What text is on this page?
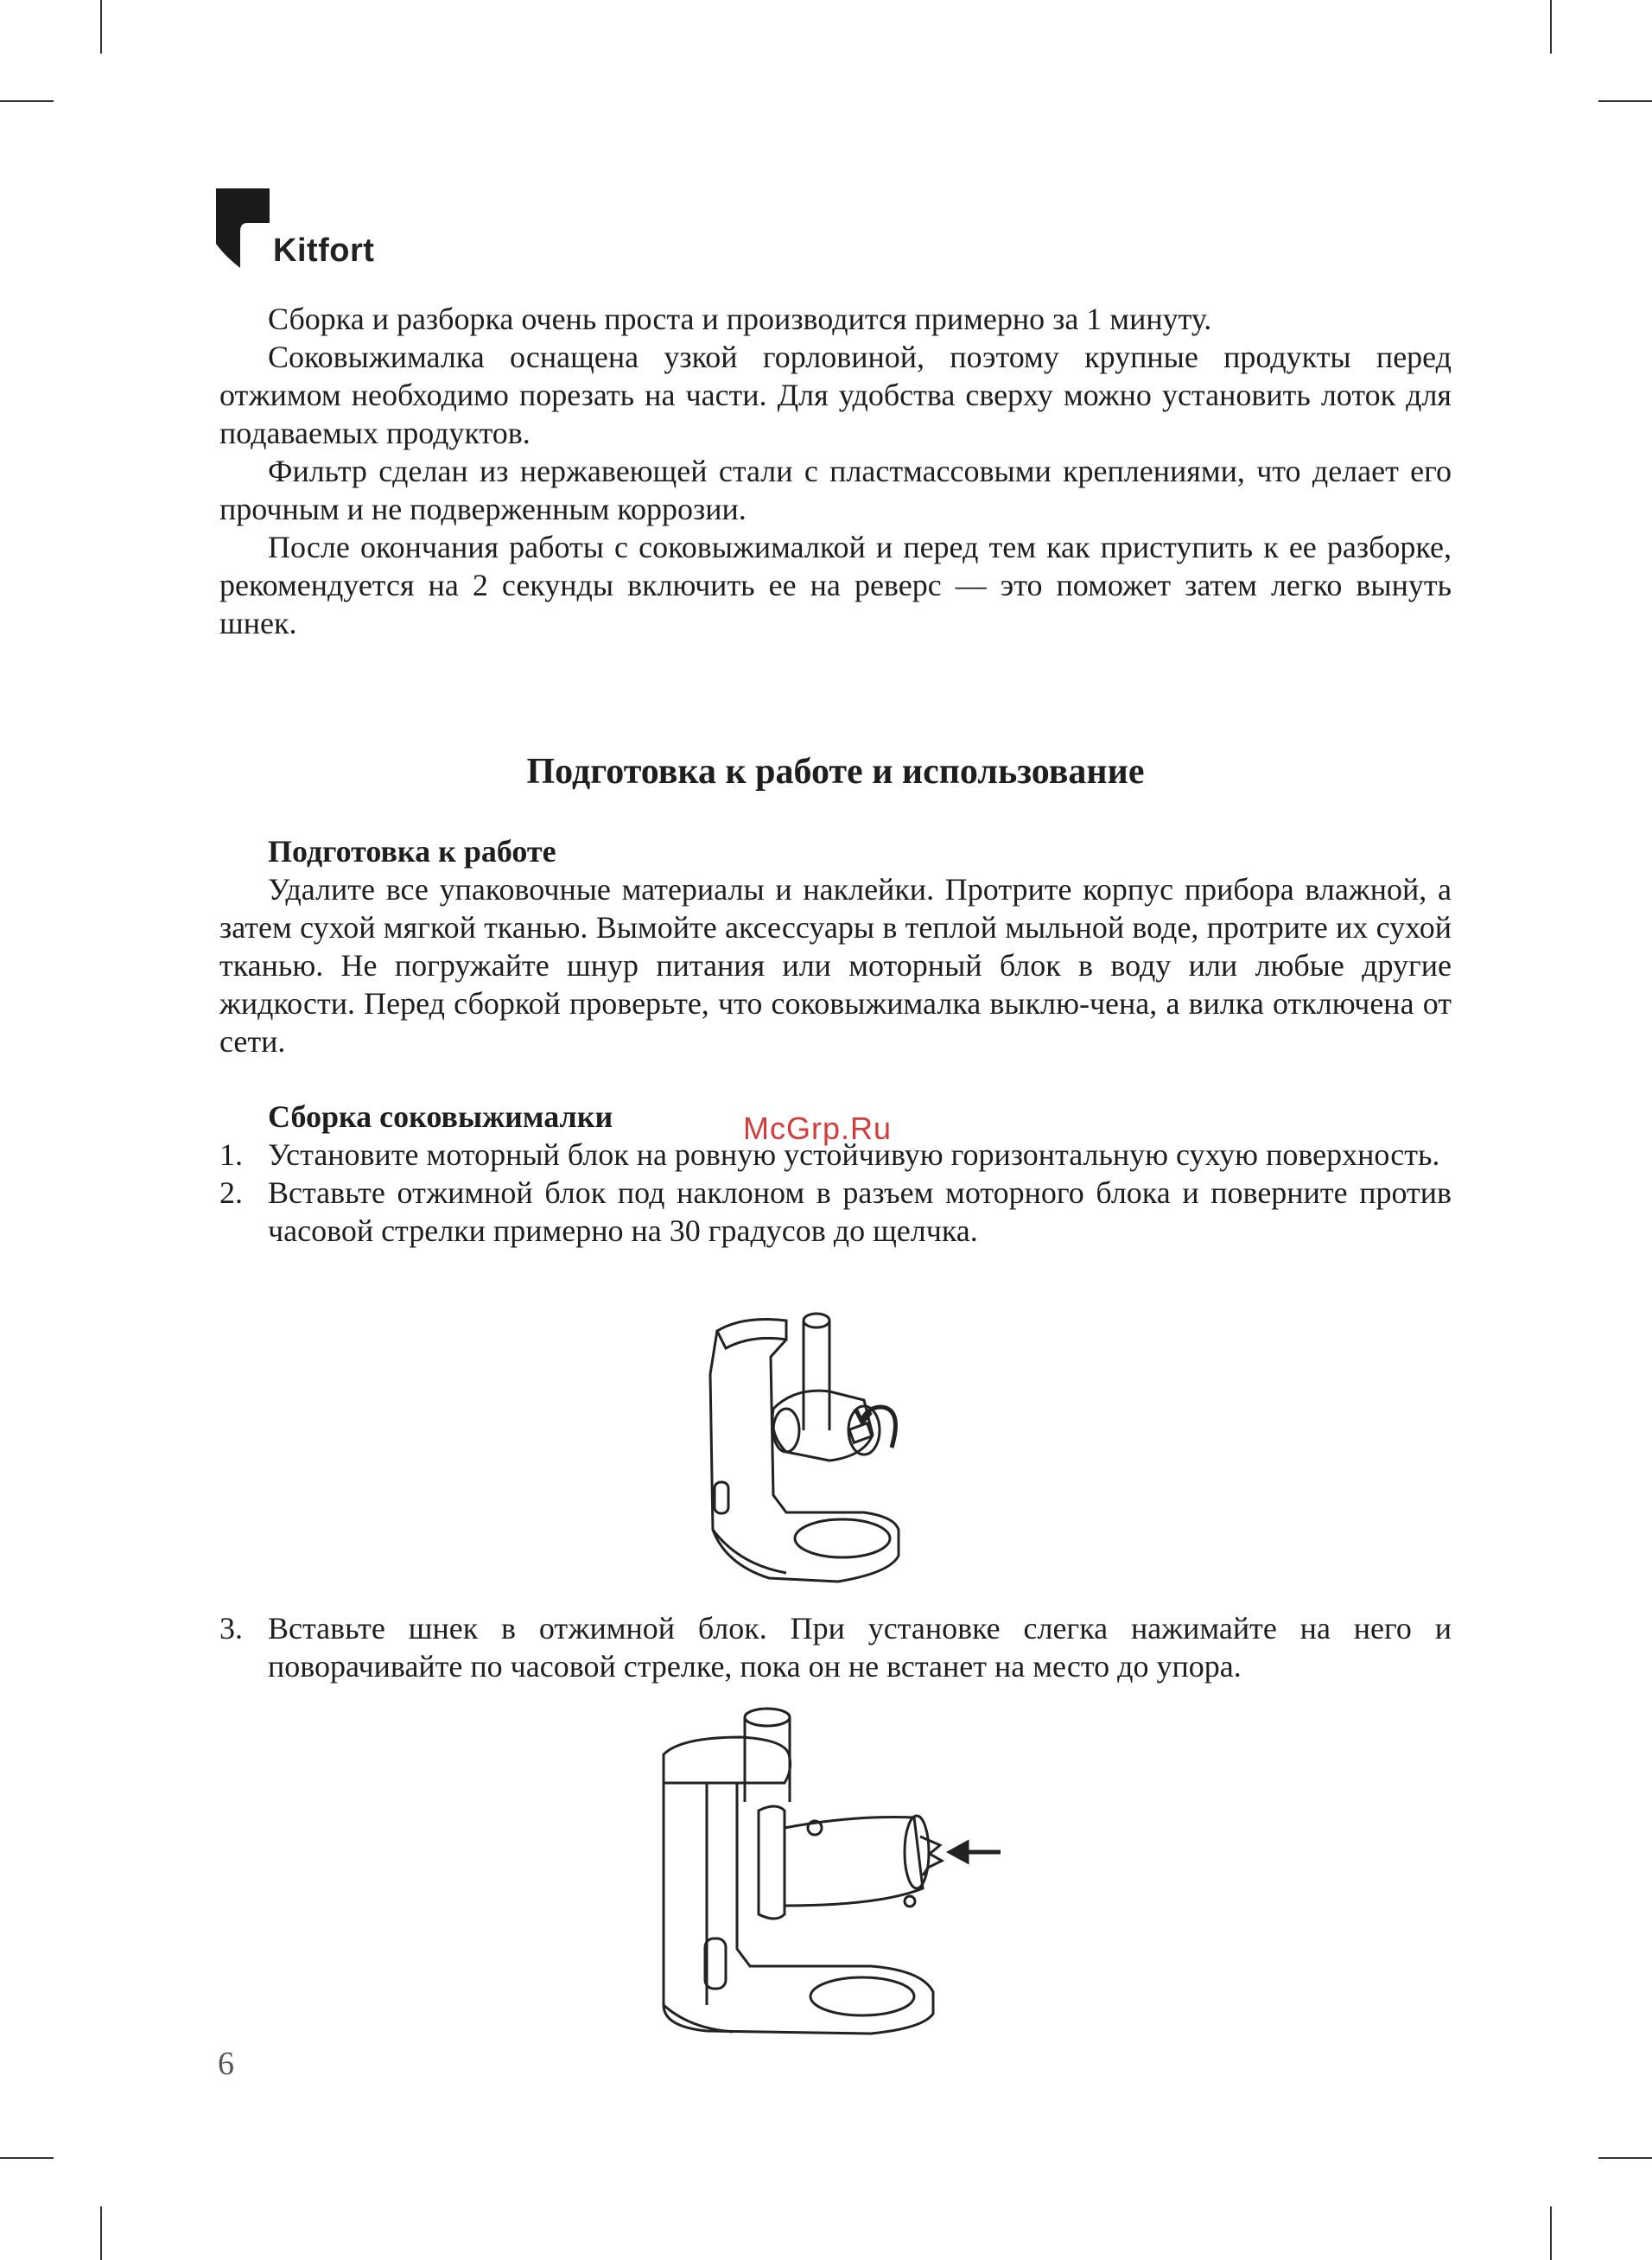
Kitfort

Сборка и разборка очень проста и производится примерно за 1 минуту.

Соковыжималка оснащена узкой горловиной, поэтому крупные продукты перед отжимом необходимо порезать на части. Для удобства сверху можно установить лоток для подаваемых продуктов.

Фильтр сделан из нержавеющей стали с пластмассовыми креплениями, что делает его прочным и не подверженным коррозии.

После окончания работы с соковыжималкой и перед тем как приступить к ее разборке, рекомендуется на 2 секунды включить ее на реверс — это поможет затем легко вынуть шнек.

Подготовка к работе и использование

Подготовка к работе

Удалите все упаковочные материалы и наклейки. Протрите корпус прибора влажной, а затем сухой мягкой тканью. Вымойте аксессуары в теплой мыльной воде, протрите их сухой тканью. Не погружайте шнур питания или моторный блок в воду или любые другие жидкости. Перед сборкой проверьте, что соковыжималка выклю-чена, а вилка отключена от сети.

Сборка соковыжималки

1. Установите моторный блок на ровную устойчивую горизонтальную сухую поверхность.
2. Вставьте отжимной блок под наклоном в разъем моторного блока и поверните против часовой стрелки примерно на 30 градусов до щелчка.
3. Вставьте шнек в отжимной блок. При установке слегка нажимайте на него и поворачивайте по часовой стрелке, пока он не встанет на место до упора.
McGrp.Ru
6
